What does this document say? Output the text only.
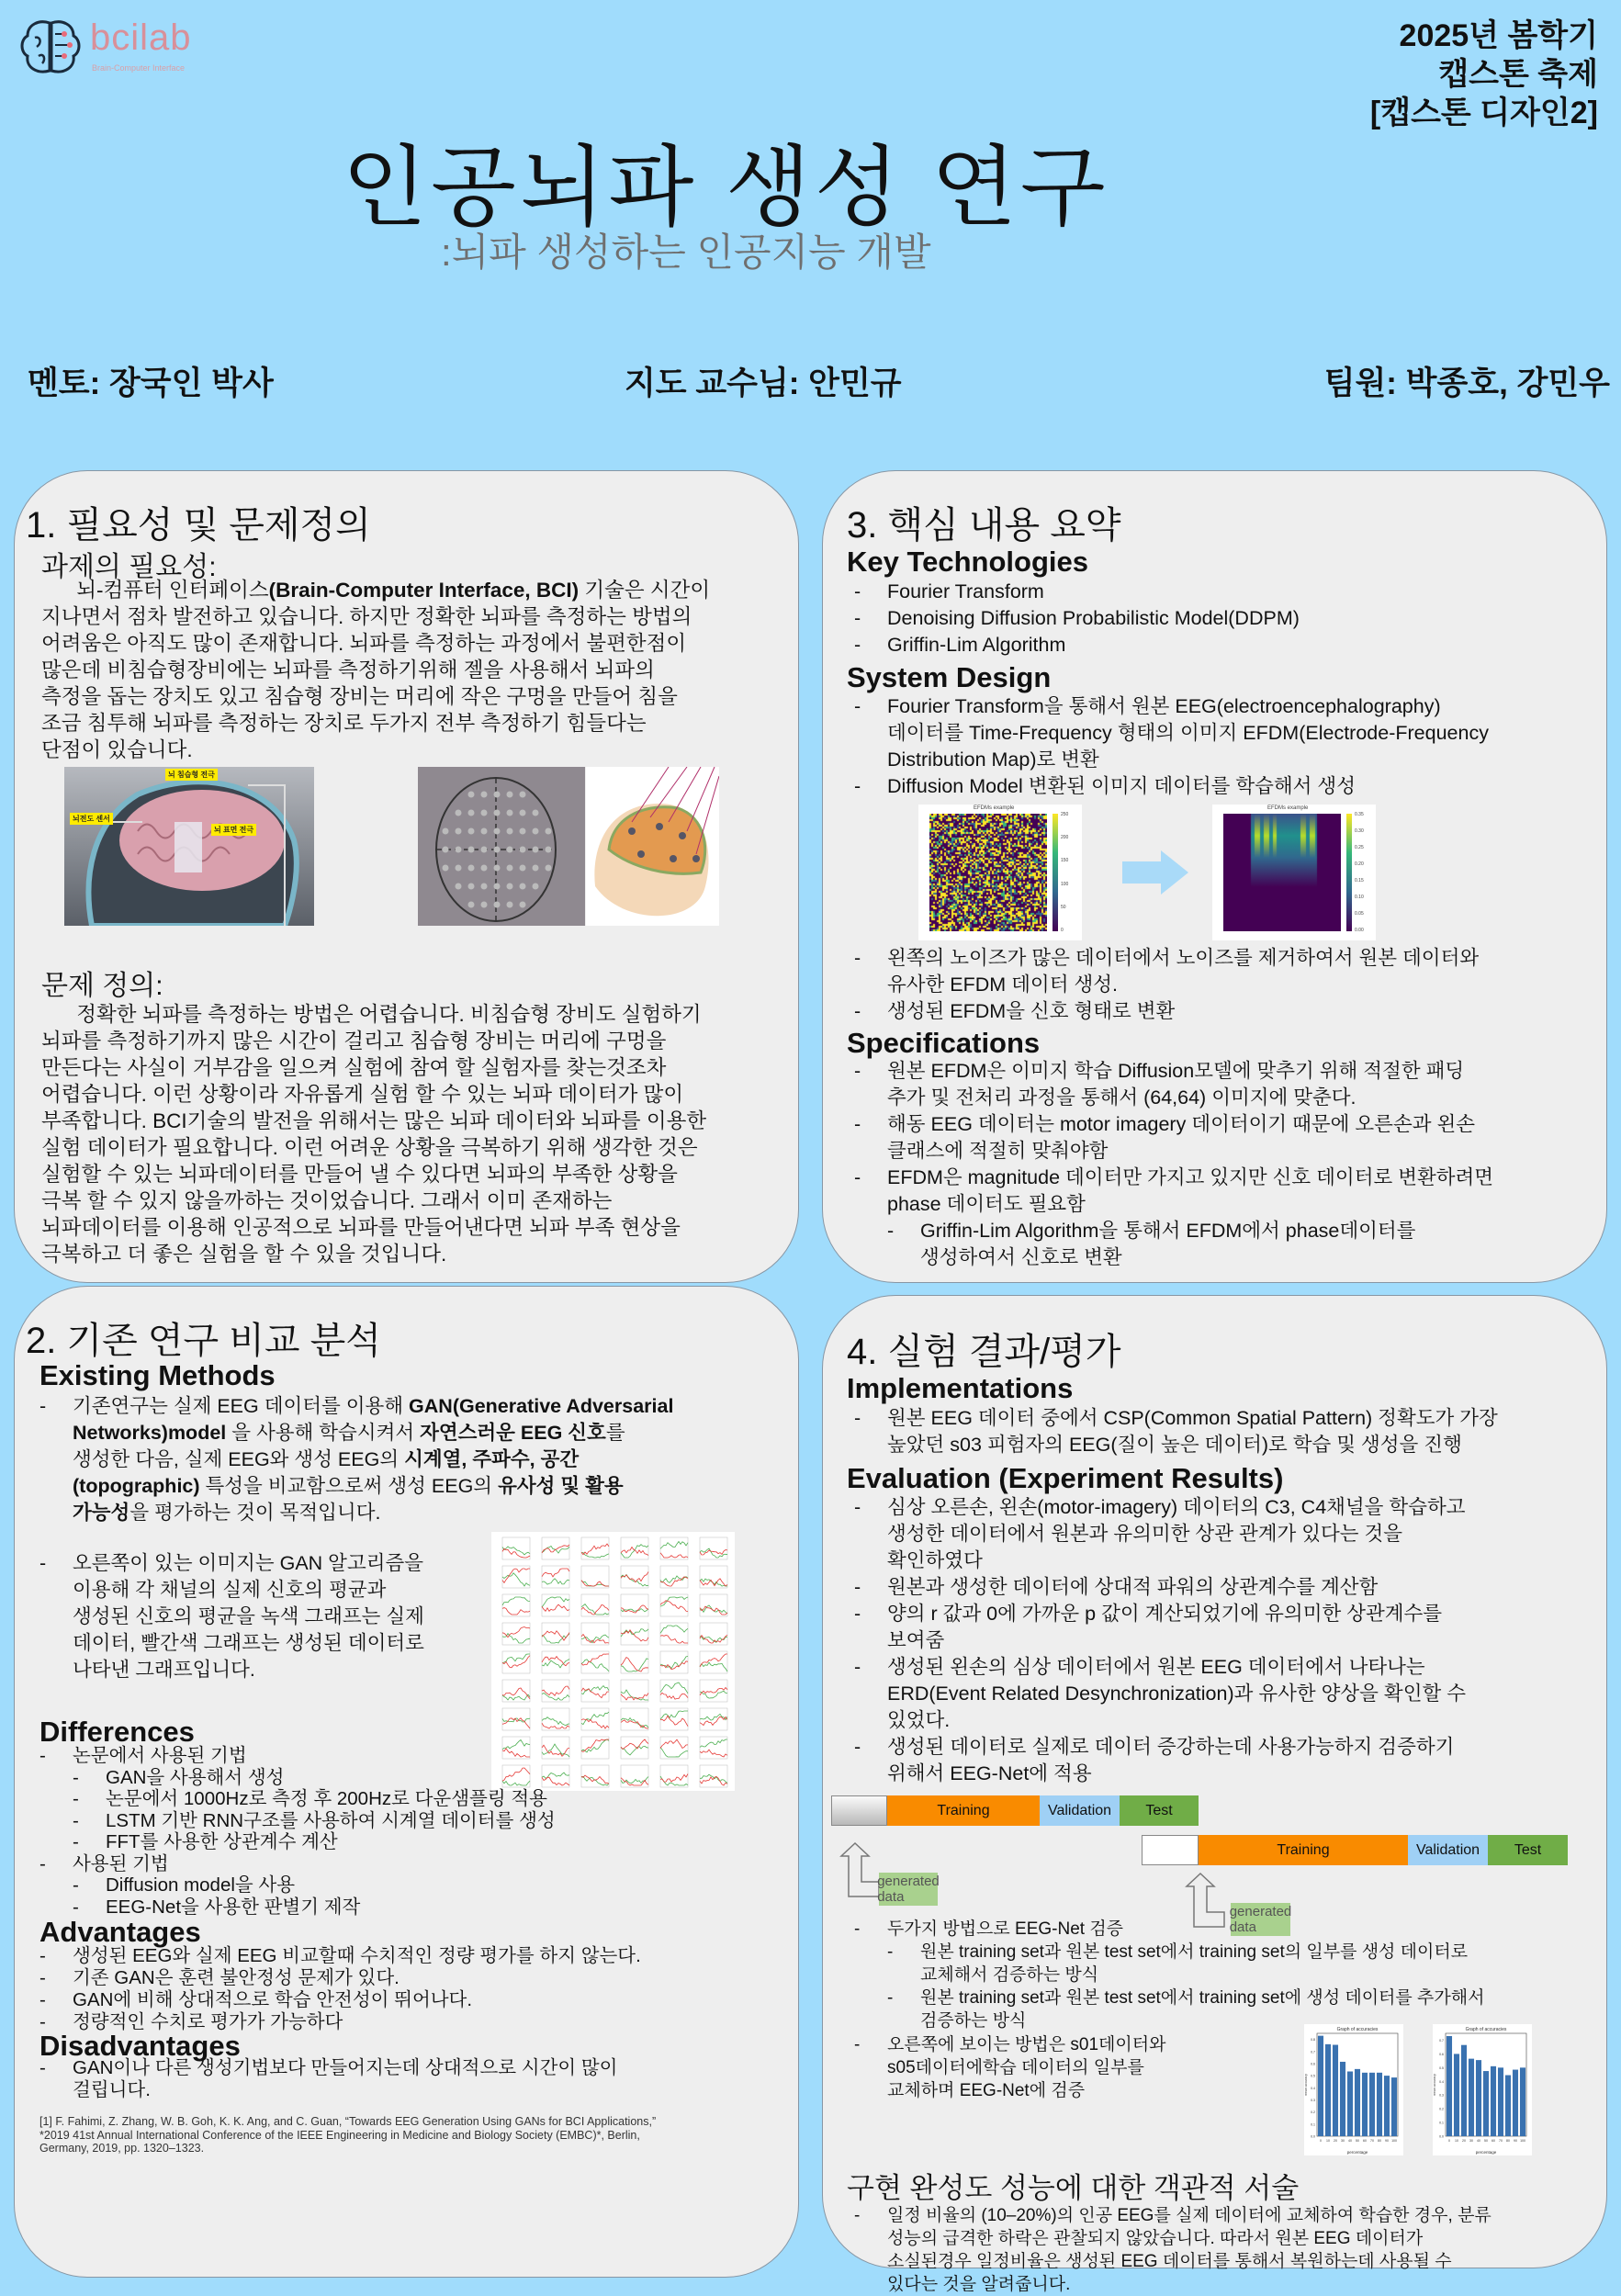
bcilab
Brain-Computer Interface
2025년 봄학기
캡스톤 축제
[캡스톤 디자인2]
인공뇌파 생성 연구
:뇌파 생성하는 인공지능 개발
멘토: 장국인 박사	지도 교수님: 안민규	팀원: 박종호, 강민우
1. 필요성 및 문제정의
과제의 필요성:
뇌-컴퓨터 인터페이스(Brain-Computer Interface, BCI) 기술은 시간이
지나면서 점차 발전하고 있습니다. 하지만 정확한 뇌파를 측정하는 방법의
어려움은 아직도 많이 존재합니다. 뇌파를 측정하는 과정에서 불편한점이
많은데 비침습형장비에는 뇌파를 측정하기위해 젤을 사용해서 뇌파의
측정을 돕는 장치도 있고 침습형 장비는 머리에 작은 구멍을 만들어 침을
조금 침투해 뇌파를 측정하는 장치로 두가지 전부 측정하기 힘들다는
단점이 있습니다.
뇌 침습형 전극
뇌전도 센서
뇌 표면 전극
문제 정의:
정확한 뇌파를 측정하는 방법은 어렵습니다. 비침습형 장비도 실험하기
뇌파를 측정하기까지 많은 시간이 걸리고 침습형 장비는 머리에 구멍을
만든다는 사실이 거부감을 일으켜 실험에 참여 할 실험자를 찾는것조차
어렵습니다. 이런 상황이라 자유롭게 실험 할 수 있는 뇌파 데이터가 많이
부족합니다. BCI기술의 발전을 위해서는 많은 뇌파 데이터와 뇌파를 이용한
실험 데이터가 필요합니다. 이런 어려운 상황을 극복하기 위해 생각한 것은
실험할 수 있는 뇌파데이터를 만들어 낼 수 있다면 뇌파의 부족한 상황을
극복 할 수 있지 않을까하는 것이었습니다. 그래서 이미 존재하는
뇌파데이터를 이용해 인공적으로 뇌파를 만들어낸다면 뇌파 부족 현상을
극복하고 더 좋은 실험을 할 수 있을 것입니다.
2. 기존 연구 비교 분석
Existing Methods
- 기존연구는 실제 EEG 데이터를 이용해 GAN(Generative Adversarial
Networks)model 을 사용해 학습시켜서 자연스러운 EEG 신호를
생성한 다음, 실제 EEG와 생성 EEG의 시계열, 주파수, 공간
(topographic) 특성을 비교함으로써 생성 EEG의 유사성 및 활용
가능성을 평가하는 것이 목적입니다.
- 오른쪽이 있는 이미지는 GAN 알고리즘을
이용해 각 채널의 실제 신호의 평균과
생성된 신호의 평균을 녹색 그래프는 실제
데이터, 빨간색 그래프는 생성된 데이터로
나타낸 그래프입니다.
Differences
- 논문에서 사용된 기법
- GAN을 사용해서 생성
- 논문에서 1000Hz로 측정 후 200Hz로 다운샘플링 적용
- LSTM 기반 RNN구조를 사용하여 시계열 데이터를 생성
- FFT를 사용한 상관계수 계산
- 사용된 기법
- Diffusion model을 사용
- EEG-Net을 사용한 판별기 제작
Advantages
- 생성된 EEG와 실제 EEG 비교할때 수치적인 정량 평가를 하지 않는다.
- 기존 GAN은 훈련 불안정성 문제가 있다.
- GAN에 비해 상대적으로 학습 안전성이 뛰어나다.
- 정량적인 수치로 평가가 가능하다
Disadvantages
- GAN이나 다른 생성기법보다 만들어지는데 상대적으로 시간이 많이
걸립니다.
[1] F. Fahimi, Z. Zhang, W. B. Goh, K. K. Ang, and C. Guan, “Towards EEG Generation Using GANs for BCI Applications,”
*2019 41st Annual International Conference of the IEEE Engineering in Medicine and Biology Society (EMBC)*, Berlin,
Germany, 2019, pp. 1320–1323.
3. 핵심 내용 요약
Key Technologies
- Fourier Transform
- Denoising Diffusion Probabilistic Model(DDPM)
- Griffin-Lim Algorithm
System Design
- Fourier Transform을 통해서 원본 EEG(electroencephalography)
데이터를 Time-Frequency 형태의 이미지 EFDM(Electrode-Frequency
Distribution Map)로 변환
- Diffusion Model 변환된 이미지 데이터를 학습해서 생성
EFDMs example
250
200
150
100
50
0
EFDMs example
0.35
0.30
0.25
0.20
0.15
0.10
0.05
0.00
- 왼쪽의 노이즈가 많은 데이터에서 노이즈를 제거하여서 원본 데이터와
유사한 EFDM 데이터 생성.
- 생성된 EFDM을 신호 형태로 변환
Specifications
- 원본 EFDM은 이미지 학습 Diffusion모델에 맞추기 위해 적절한 패딩
추가 및 전처리 과정을 통해서 (64,64) 이미지에 맞춘다.
- 해동 EEG 데이터는 motor imagery 데이터이기 때문에 오른손과 왼손
클래스에 적절히 맞춰야함
- EFDM은 magnitude 데이터만 가지고 있지만 신호 데이터로 변환하려면
phase 데이터도 필요함
- Griffin-Lim Algorithm을 통해서 EFDM에서 phase데이터를
생성하여서 신호로 변환
4. 실험 결과/평가
Implementations
- 원본 EEG 데이터 중에서 CSP(Common Spatial Pattern) 정확도가 가장
높았던 s03 피험자의 EEG(질이 높은 데이터)로 학습 및 생성을 진행
Evaluation (Experiment Results)
- 심상 오른손, 왼손(motor-imagery) 데이터의 C3, C4채널을 학습하고
생성한 데이터에서 원본과 유의미한 상관 관계가 있다는 것을
확인하였다
- 원본과 생성한 데이터에 상대적 파워의 상관계수를 계산함
- 양의 r 값과 0에 가까운 p 값이 계산되었기에 유의미한 상관계수를
보여줌
- 생성된 왼손의 심상 데이터에서 원본 EEG 데이터에서 나타나는
ERD(Event Related Desynchronization)과 유사한 양상을 확인할 수
있었다.
- 생성된 데이터로 실제로 데이터 증강하는데 사용가능하지 검증하기
위해서 EEG-Net에 적용
Training	Validation	Test
generated data
Training	Validation	Test
generated data
- 두가지 방법으로 EEG-Net 검증
- 원본 training set과 원본 test set에서 training set의 일부를 생성 데이터로
교체해서 검증하는 방식
- 원본 training set과 원본 test set에서 training set에 생성 데이터를 추가해서
검증하는 방식
- 오른쪽에 보이는 방법은 s01데이터와
s05데이터에학습 데이터의 일부를
교체하며 EEG-Net에 검증
Graph of accuracies
percentage
mean accuracy
0.0
0.1
0.2
0.3
0.4
0.5
0.6
0.7
0.8
0 10 20 30 40 50 60 70 80 90 100
Graph of accuracies
percentage
mean accuracy
0.0
0.1
0.2
0.3
0.4
0.5
0.6
0.7
0 10 20 30 40 50 60 70 80 90 100
구현 완성도 성능에 대한 객관적 서술
- 일정 비율의 (10–20%)의 인공 EEG를 실제 데이터에 교체하여 학습한 경우, 분류
성능의 급격한 하락은 관찰되지 않았습니다. 따라서 원본 EEG 데이터가
소실된경우 일정비율은 생성된 EEG 데이터를 통해서 복원하는데 사용될 수
있다는 것을 알려줍니다.
